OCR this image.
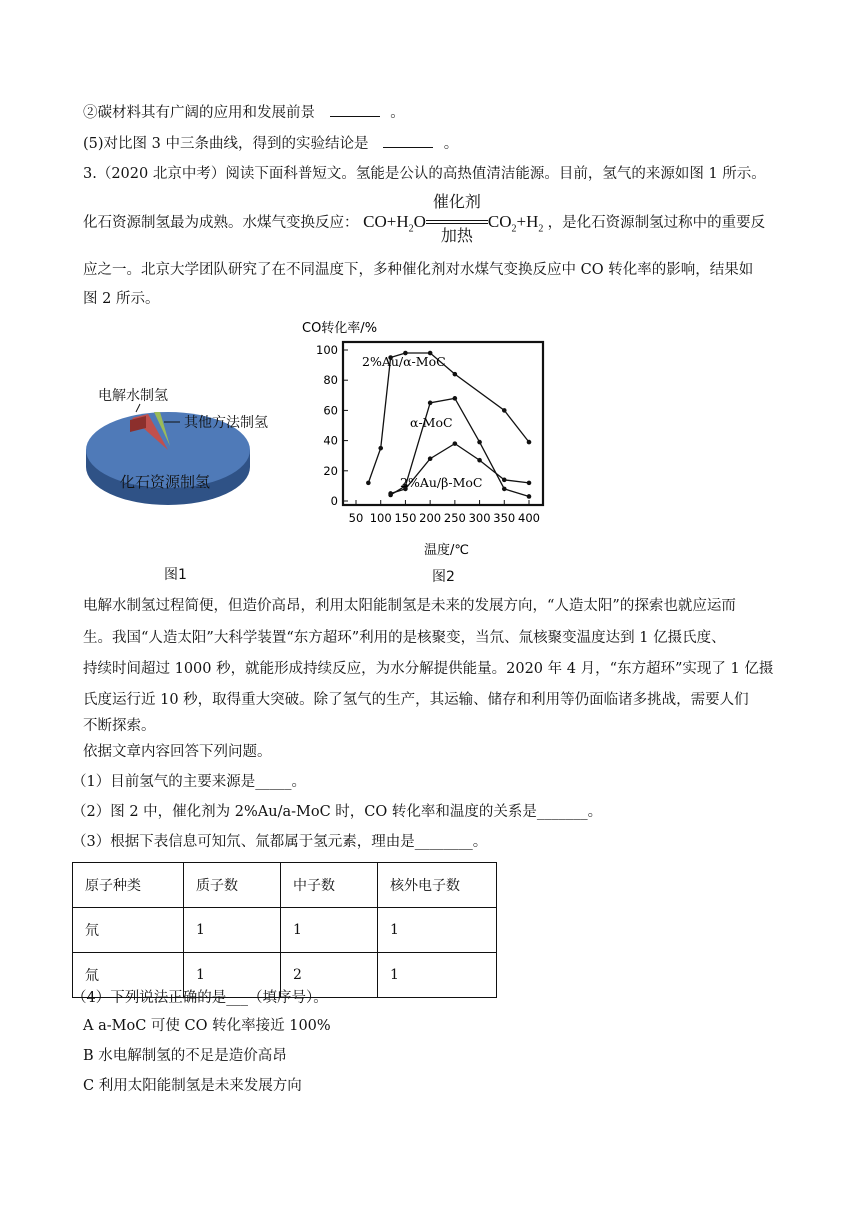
②碳材料其有广阔的应用和发展前景	。
(5)对比图 3 中三条曲线，得到的实验结论是	。
3.（2020 北京中考）阅读下面科普短文。氢能是公认的高热值清洁能源。目前，氢气的来源如图 1 所示。
化石资源制氢最为成熟。水煤气变换反应： $CO+H_2O \frac{\text{催化剂}}{\text{加热}} CO_2+H_2$ ，是化石资源制氢过称中的重要反
应之一。北京大学团队研究了在不同温度下，多种催化剂对水煤气变换反应中 CO 转化率的影响，结果如
图 2 所示。
电解水制氢
其他方法制氢
化石资源制氢
图1
CO转化率/%
温度/℃
0
20
40
60
80
100
50 100 150 200 250 300 350 400
2%Au/α-MoC
α-MoC
2%Au/β-MoC
图2
电解水制氢过程简便，但造价高昂，利用太阳能制氢是未来的发展方向，“人造太阳”的探索也就应运而
生。我国“人造太阳”大科学装置“东方超环”利用的是核聚变，当氘、氚核聚变温度达到 1 亿摄氏度、
持续时间超过 1000 秒，就能形成持续反应，为水分解提供能量。2020 年 4 月，“东方超环”实现了 1 亿摄
氏度运行近 10 秒，取得重大突破。除了氢气的生产，其运输、储存和利用等仍面临诸多挑战，需要人们
不断探索。
依据文章内容回答下列问题。
（1）目前氢气的主要来源是_____。
（2）图 2 中，催化剂为 2%Au/a-MoC 时，CO 转化率和温度的关系是_______。
（3）根据下表信息可知氘、氚都属于氢元素，理由是________。
原子种类	质子数	中子数	核外电子数
氘	1	1	1
氚	1	2	1
（4）下列说法正确的是___（填序号）。
A a-MoC 可使 CO 转化率接近 100%
B 水电解制氢的不足是造价高昂
C 利用太阳能制氢是未来发展方向
